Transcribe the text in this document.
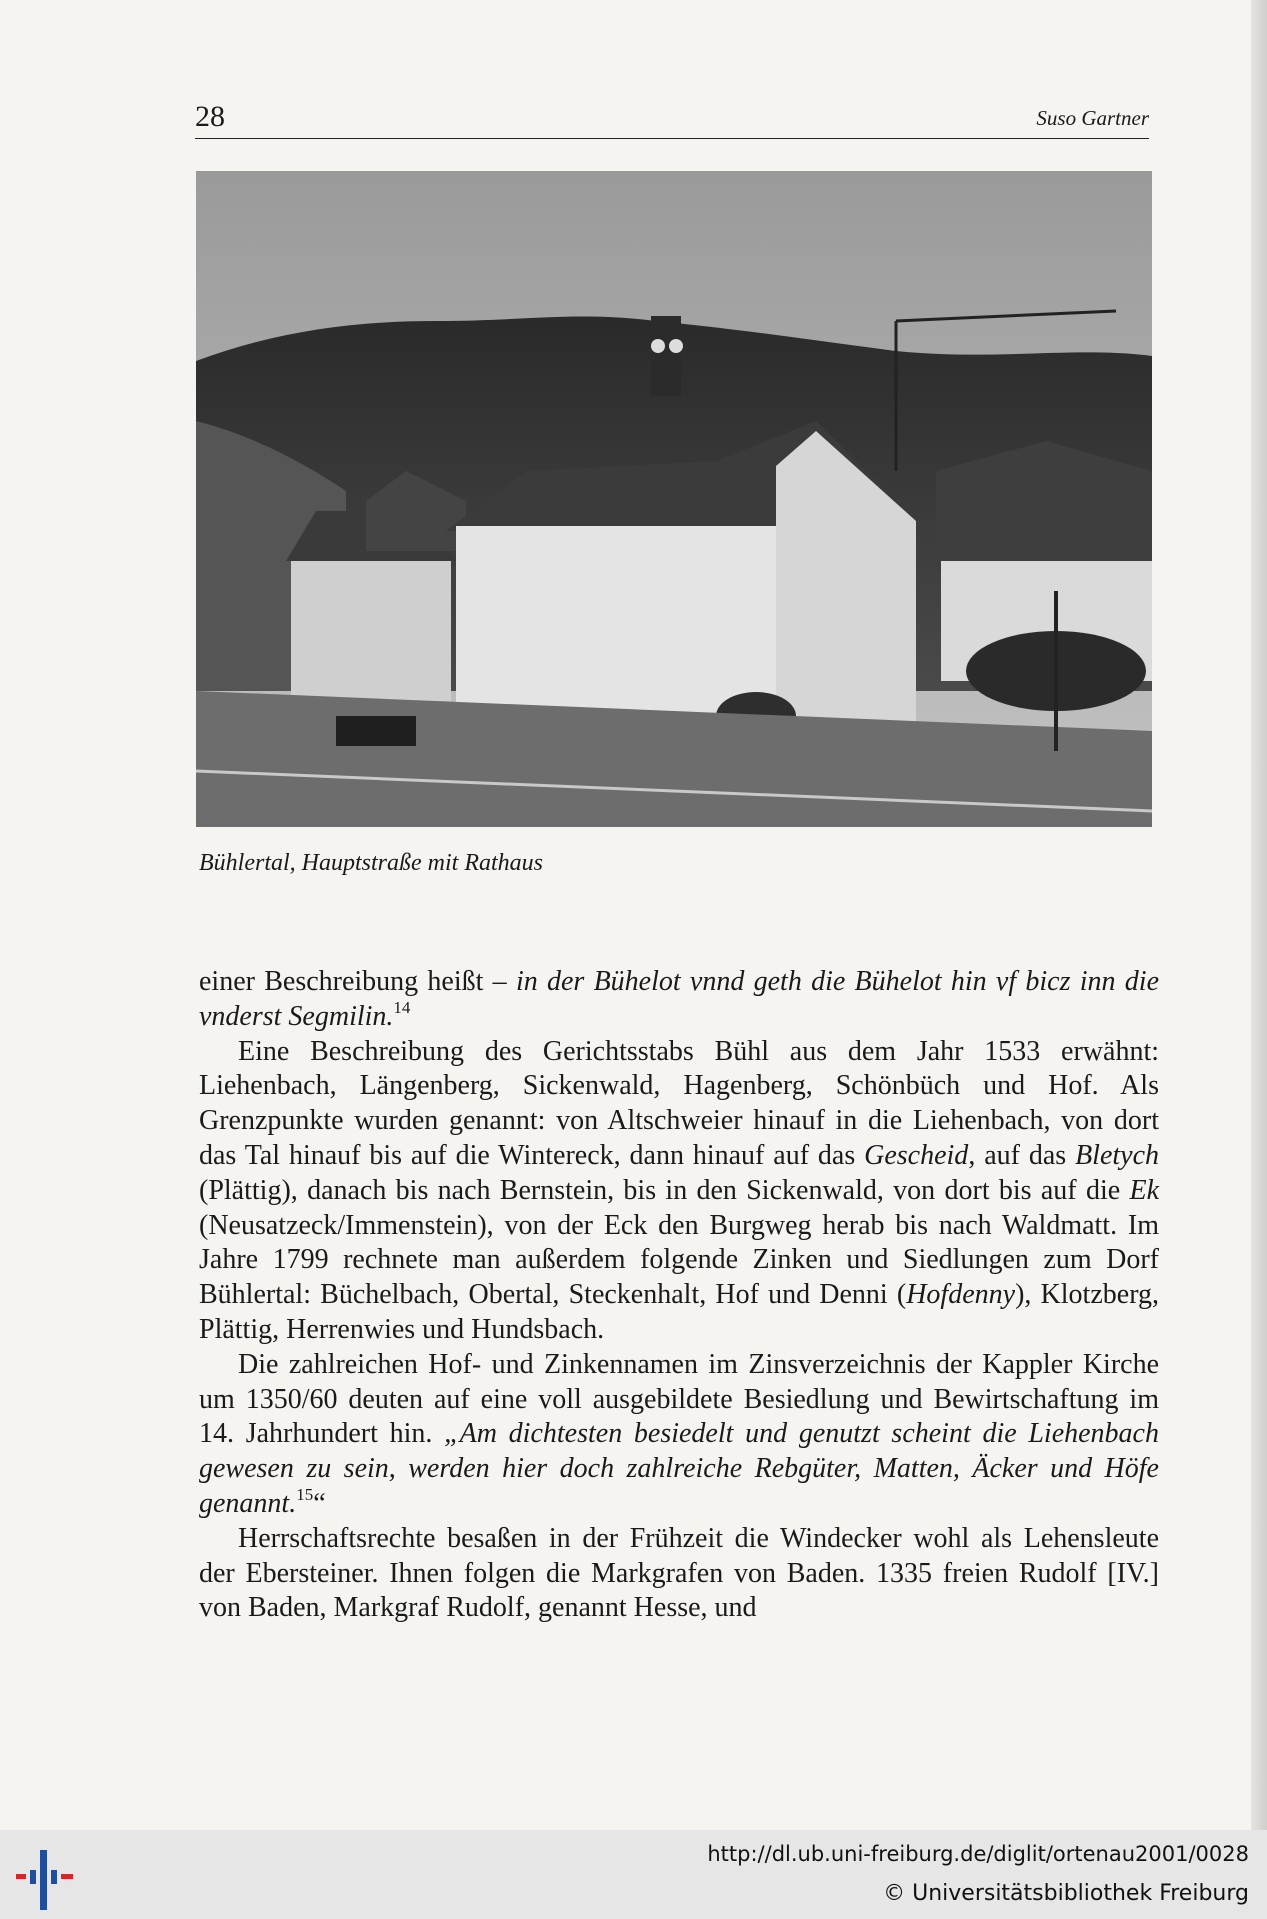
28	Suso Gartner
Bühlertal, Hauptstraße mit Rathaus

einer Beschreibung heißt – in der Bühelot vnnd geth die Bühelot hin vf bicz inn die vnderst Segmilin.$^{14}$

Eine Beschreibung des Gerichtsstabs Bühl aus dem Jahr 1533 erwähnt: Liehenbach, Längenberg, Sickenwald, Hagenberg, Schönbüch und Hof. Als Grenzpunkte wurden genannt: von Altschweier hinauf in die Liehenbach, von dort das Tal hinauf bis auf die Wintereck, dann hinauf auf das Gescheid, auf das Bletych (Plättig), danach bis nach Bernstein, bis in den Sickenwald, von dort bis auf die Ek (Neusatzeck/Immenstein), von der Eck den Burgweg herab bis nach Waldmatt. Im Jahre 1799 rechnete man außerdem folgende Zinken und Siedlungen zum Dorf Bühlertal: Büchelbach, Obertal, Steckenhalt, Hof und Denni (Hofdenny), Klotzberg, Plättig, Herrenwies und Hundsbach.

Die zahlreichen Hof- und Zinkennamen im Zinsverzeichnis der Kappler Kirche um 1350/60 deuten auf eine voll ausgebildete Besiedlung und Bewirtschaftung im 14. Jahrhundert hin. „Am dichtesten besiedelt und genutzt scheint die Liehenbach gewesen zu sein, werden hier doch zahlreiche Rebgüter, Matten, Äcker und Höfe genannt.$^{15}$“

Herrschaftsrechte besaßen in der Frühzeit die Windecker wohl als Lehensleute der Ebersteiner. Ihnen folgen die Markgrafen von Baden. 1335 freien Rudolf [IV.] von Baden, Markgraf Rudolf, genannt Hesse, und

http://dl.ub.uni-freiburg.de/diglit/ortenau2001/0028
© Universitätsbibliothek Freiburg
